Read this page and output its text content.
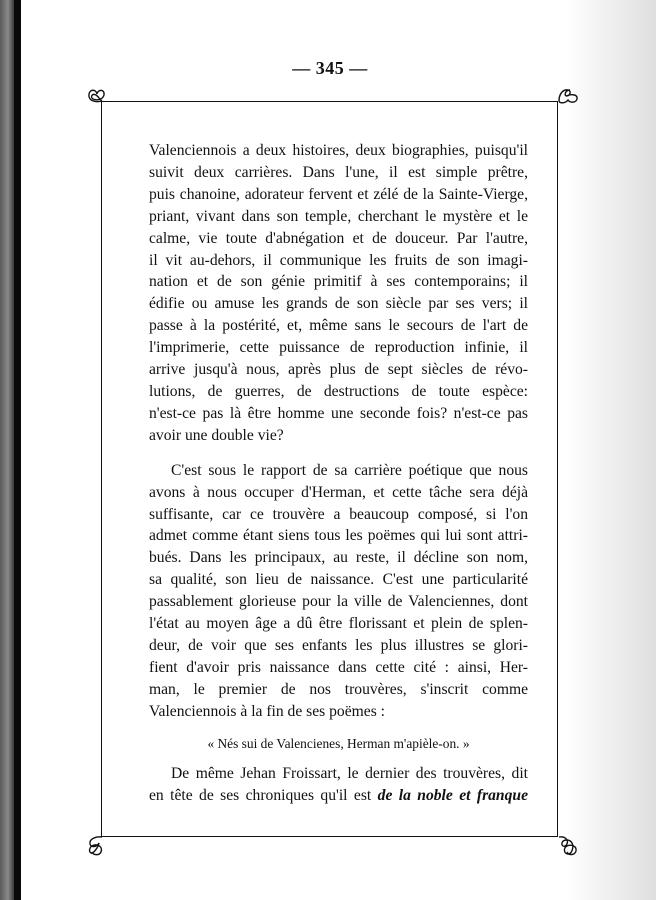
— 345 —
Valenciennois a deux histoires, deux biographies, puisqu'il
suivit deux carrières. Dans l'une, il est simple prêtre,
puis chanoine, adorateur fervent et zélé de la Sainte-Vierge,
priant, vivant dans son temple, cherchant le mystère et le
calme, vie toute d'abnégation et de douceur. Par l'autre,
il vit au-dehors, il communique les fruits de son imagi-
nation et de son génie primitif à ses contemporains; il
édifie ou amuse les grands de son siècle par ses vers; il
passe à la postérité, et, même sans le secours de l'art de
l'imprimerie, cette puissance de reproduction infinie, il
arrive jusqu'à nous, après plus de sept siècles de révo-
lutions, de guerres, de destructions de toute espèce:
n'est-ce pas là être homme une seconde fois? n'est-ce pas
avoir une double vie?
C'est sous le rapport de sa carrière poétique que nous
avons à nous occuper d'Herman, et cette tâche sera déjà
suffisante, car ce trouvère a beaucoup composé, si l'on
admet comme étant siens tous les poëmes qui lui sont attri-
bués. Dans les principaux, au reste, il décline son nom,
sa qualité, son lieu de naissance. C'est une particularité
passablement glorieuse pour la ville de Valenciennes, dont
l'état au moyen âge a dû être florissant et plein de splen-
deur, de voir que ses enfants les plus illustres se glori-
fient d'avoir pris naissance dans cette cité : ainsi, Her-
man, le premier de nos trouvères, s'inscrit comme
Valenciennois à la fin de ses poëmes :
« Nés sui de Valencienes, Herman m'apièle-on. »
De même Jehan Froissart, le dernier des trouvères, dit
en tête de ses chroniques qu'il est de la noble et franque
